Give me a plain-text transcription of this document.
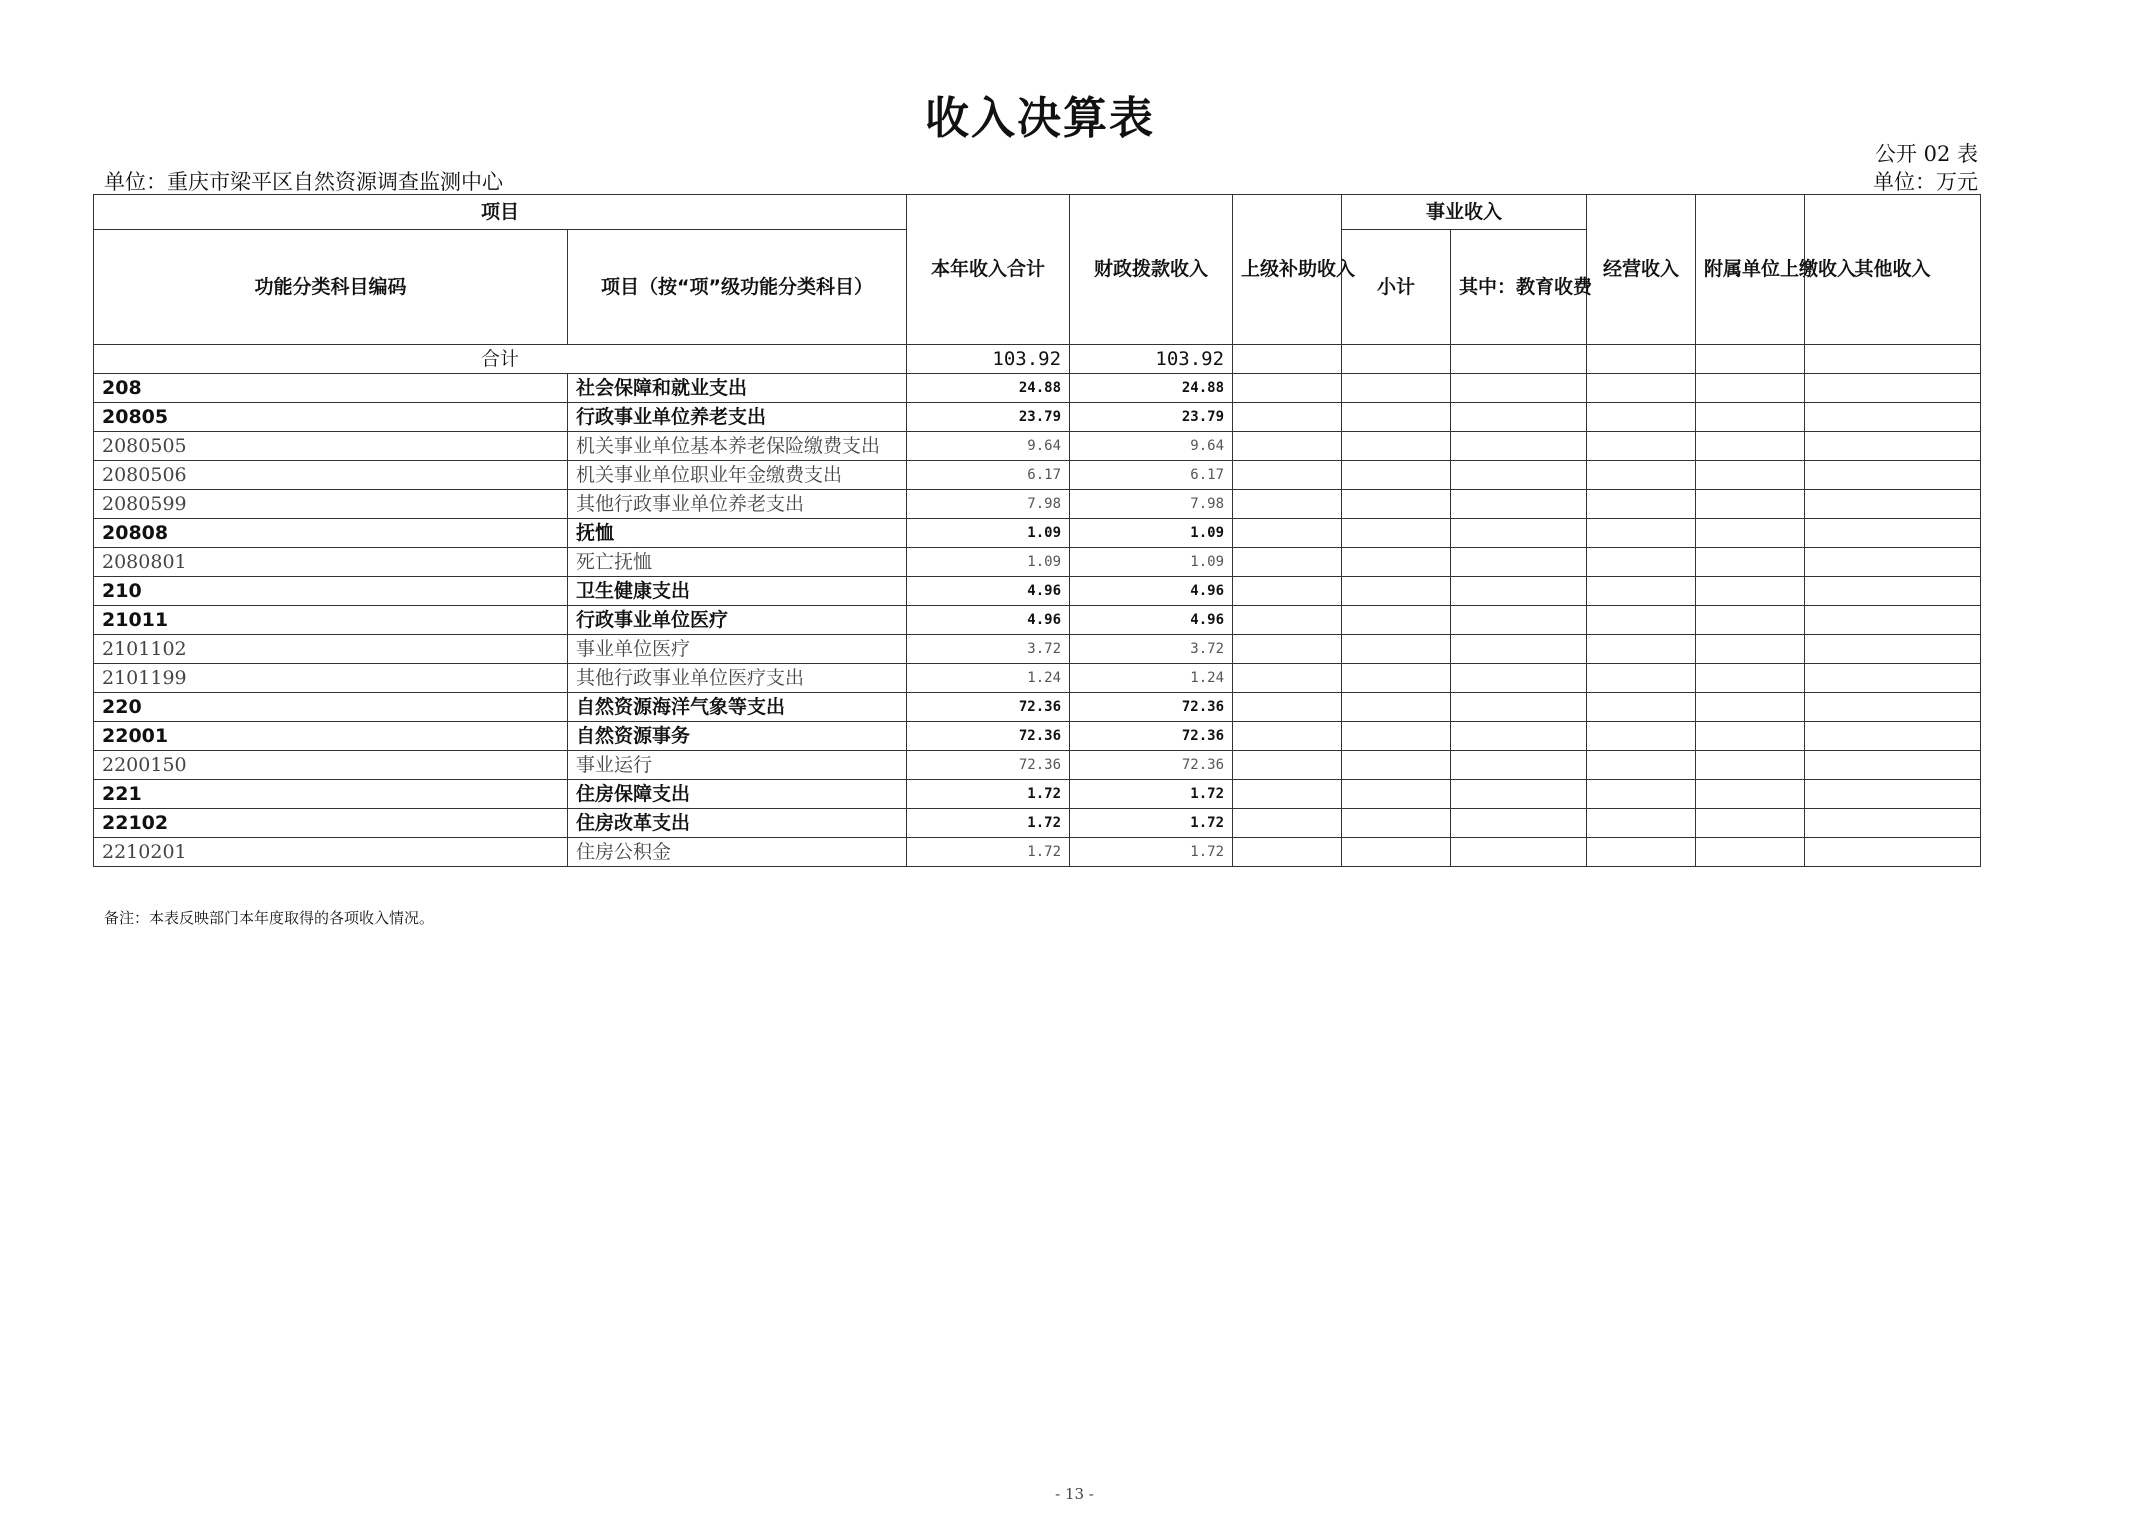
收入决算表
公开 02 表
单位：重庆市梁平区自然资源调查监测中心	单位：万元
项目		本年收入合计	财政拨款收入	上级补助收入	事业收入		经营收入	附属单位上缴收入	其他收入
功能分类科目编码	项目（按“项”级功能分类科目）				小计	其中：教育收费			
合计		103.92	103.92						
208	社会保障和就业支出	24.88	24.88						
20805	行政事业单位养老支出	23.79	23.79						
2080505	机关事业单位基本养老保险缴费支出	9.64	9.64						
2080506	机关事业单位职业年金缴费支出	6.17	6.17						
2080599	其他行政事业单位养老支出	7.98	7.98						
20808	抚恤	1.09	1.09						
2080801	死亡抚恤	1.09	1.09						
210	卫生健康支出	4.96	4.96						
21011	行政事业单位医疗	4.96	4.96						
2101102	事业单位医疗	3.72	3.72						
2101199	其他行政事业单位医疗支出	1.24	1.24						
220	自然资源海洋气象等支出	72.36	72.36						
22001	自然资源事务	72.36	72.36						
2200150	事业运行	72.36	72.36						
221	住房保障支出	1.72	1.72						
22102	住房改革支出	1.72	1.72						
2210201	住房公积金	1.72	1.72						
备注：本表反映部门本年度取得的各项收入情况。
- 13 -
